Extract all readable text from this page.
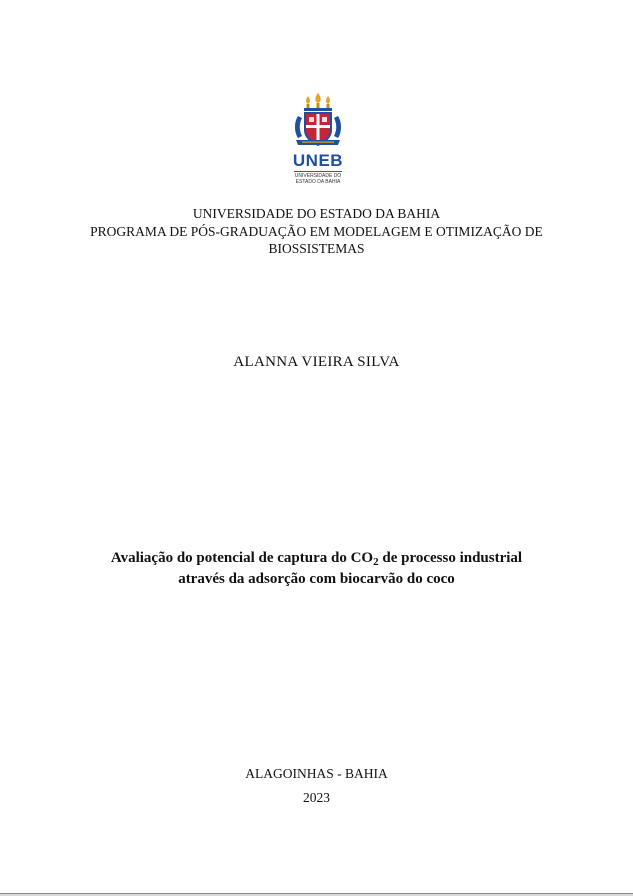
UNEB
UNIVERSIDADE DO
ESTADO DA BAHIA
UNIVERSIDADE DO ESTADO DA BAHIA
PROGRAMA DE PÓS-GRADUAÇÃO EM MODELAGEM E OTIMIZAÇÃO DE
BIOSSISTEMAS
ALANNA VIEIRA SILVA
Avaliação do potencial de captura do $CO_2$ de processo industrial
através da adsorção com biocarvão do coco
ALAGOINHAS - BAHIA
2023
